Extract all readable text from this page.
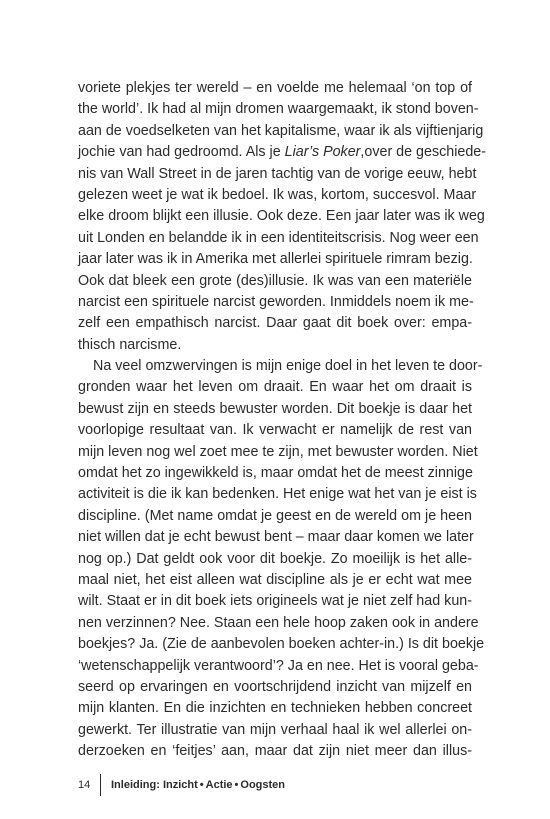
voriete plekjes ter wereld – en voelde me helemaal ‘on top of
the world’. Ik had al mijn dromen waargemaakt, ik stond boven-
aan de voedselketen van het kapitalisme, waar ik als vijftienjarig
jochie van had gedroomd. Als je Liar’s Poker,over de geschiede-
nis van Wall Street in de jaren tachtig van de vorige eeuw, hebt
gelezen weet je wat ik bedoel. Ik was, kortom, succesvol. Maar
elke droom blijkt een illusie. Ook deze. Een jaar later was ik weg
uit Londen en belandde ik in een identiteitscrisis. Nog weer een
jaar later was ik in Amerika met allerlei spirituele rimram bezig.
Ook dat bleek een grote (des)illusie. Ik was van een materiële
narcist een spirituele narcist geworden. Inmiddels noem ik me-
zelf een empathisch narcist. Daar gaat dit boek over: empa-
thisch narcisme.
Na veel omzwervingen is mijn enige doel in het leven te door-
gronden waar het leven om draait. En waar het om draait is
bewust zijn en steeds bewuster worden. Dit boekje is daar het
voorlopige resultaat van. Ik verwacht er namelijk de rest van
mijn leven nog wel zoet mee te zijn, met bewuster worden. Niet
omdat het zo ingewikkeld is, maar omdat het de meest zinnige
activiteit is die ik kan bedenken. Het enige wat het van je eist is
discipline. (Met name omdat je geest en de wereld om je heen
niet willen dat je echt bewust bent – maar daar komen we later
nog op.) Dat geldt ook voor dit boekje. Zo moeilijk is het alle-
maal niet, het eist alleen wat discipline als je er echt wat mee
wilt. Staat er in dit boek iets origineels wat je niet zelf had kun-
nen verzinnen? Nee. Staan een hele hoop zaken ook in andere
boekjes? Ja. (Zie de aanbevolen boeken achter-in.) Is dit boekje
‘wetenschappelijk verantwoord’? Ja en nee. Het is vooral geba-
seerd op ervaringen en voortschrijdend inzicht van mijzelf en
mijn klanten. En die inzichten en technieken hebben concreet
gewerkt. Ter illustratie van mijn verhaal haal ik wel allerlei on-
derzoeken en ‘feitjes’ aan, maar dat zijn niet meer dan illus-
14	Inleiding: Inzicht • Actie • Oogsten
